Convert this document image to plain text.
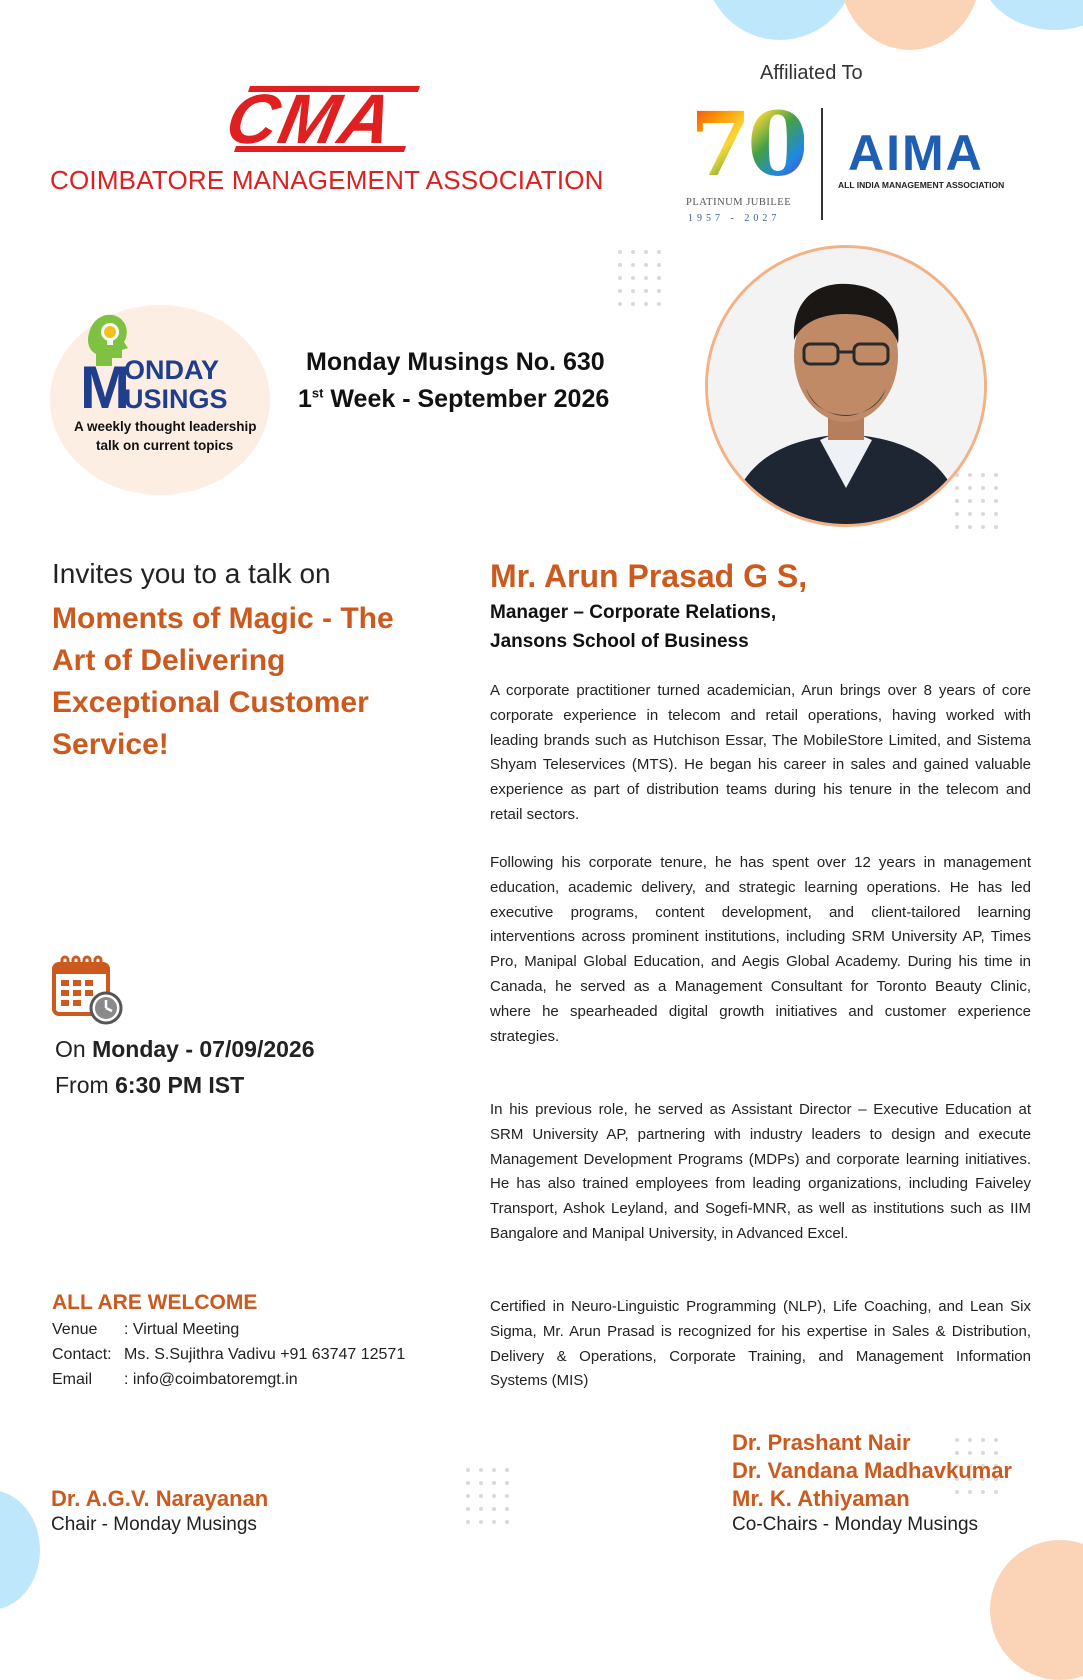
CMA
COIMBATORE MANAGEMENT ASSOCIATION
Affiliated To
70
PLATINUM JUBILEE
1957 - 2027
AIMA
ALL INDIA MANAGEMENT ASSOCIATION
M
ONDAY
USINGS
A weekly thought leadership
talk on current topics
Monday Musings No. 630
1st Week - September 2026
Invites you to a talk on
Moments of Magic - The Art of Delivering Exceptional Customer Service!
On Monday - 07/09/2026
From 6:30 PM IST
ALL ARE WELCOME
Venue : Virtual Meeting
Contact: Ms. S.Sujithra Vadivu +91 63747 12571
Email : info@coimbatoremgt.in
Dr. A.G.V. Narayanan
Chair - Monday Musings
Mr. Arun Prasad G S,
Manager – Corporate Relations,
Jansons School of Business

A corporate practitioner turned academician, Arun brings over 8 years of core corporate experience in telecom and retail operations, having worked with leading brands such as Hutchison Essar, The MobileStore Limited, and Sistema Shyam Teleservices (MTS). He began his career in sales and gained valuable experience as part of distribution teams during his tenure in the telecom and retail sectors.

Following his corporate tenure, he has spent over 12 years in management education, academic delivery, and strategic learning operations. He has led executive programs, content development, and client-tailored learning interventions across prominent institutions, including SRM University AP, Times Pro, Manipal Global Education, and Aegis Global Academy. During his time in Canada, he served as a Management Consultant for Toronto Beauty Clinic, where he spearheaded digital growth initiatives and customer experience strategies.

In his previous role, he served as Assistant Director – Executive Education at SRM University AP, partnering with industry leaders to design and execute Management Development Programs (MDPs) and corporate learning initiatives. He has also trained employees from leading organizations, including Faiveley Transport, Ashok Leyland, and Sogefi-MNR, as well as institutions such as IIM Bangalore and Manipal University, in Advanced Excel.

Certified in Neuro-Linguistic Programming (NLP), Life Coaching, and Lean Six Sigma, Mr. Arun Prasad is recognized for his expertise in Sales & Distribution, Delivery & Operations, Corporate Training, and Management Information Systems (MIS)

Dr. Prashant Nair
Dr. Vandana Madhavkumar
Mr. K. Athiyaman
Co-Chairs - Monday Musings
